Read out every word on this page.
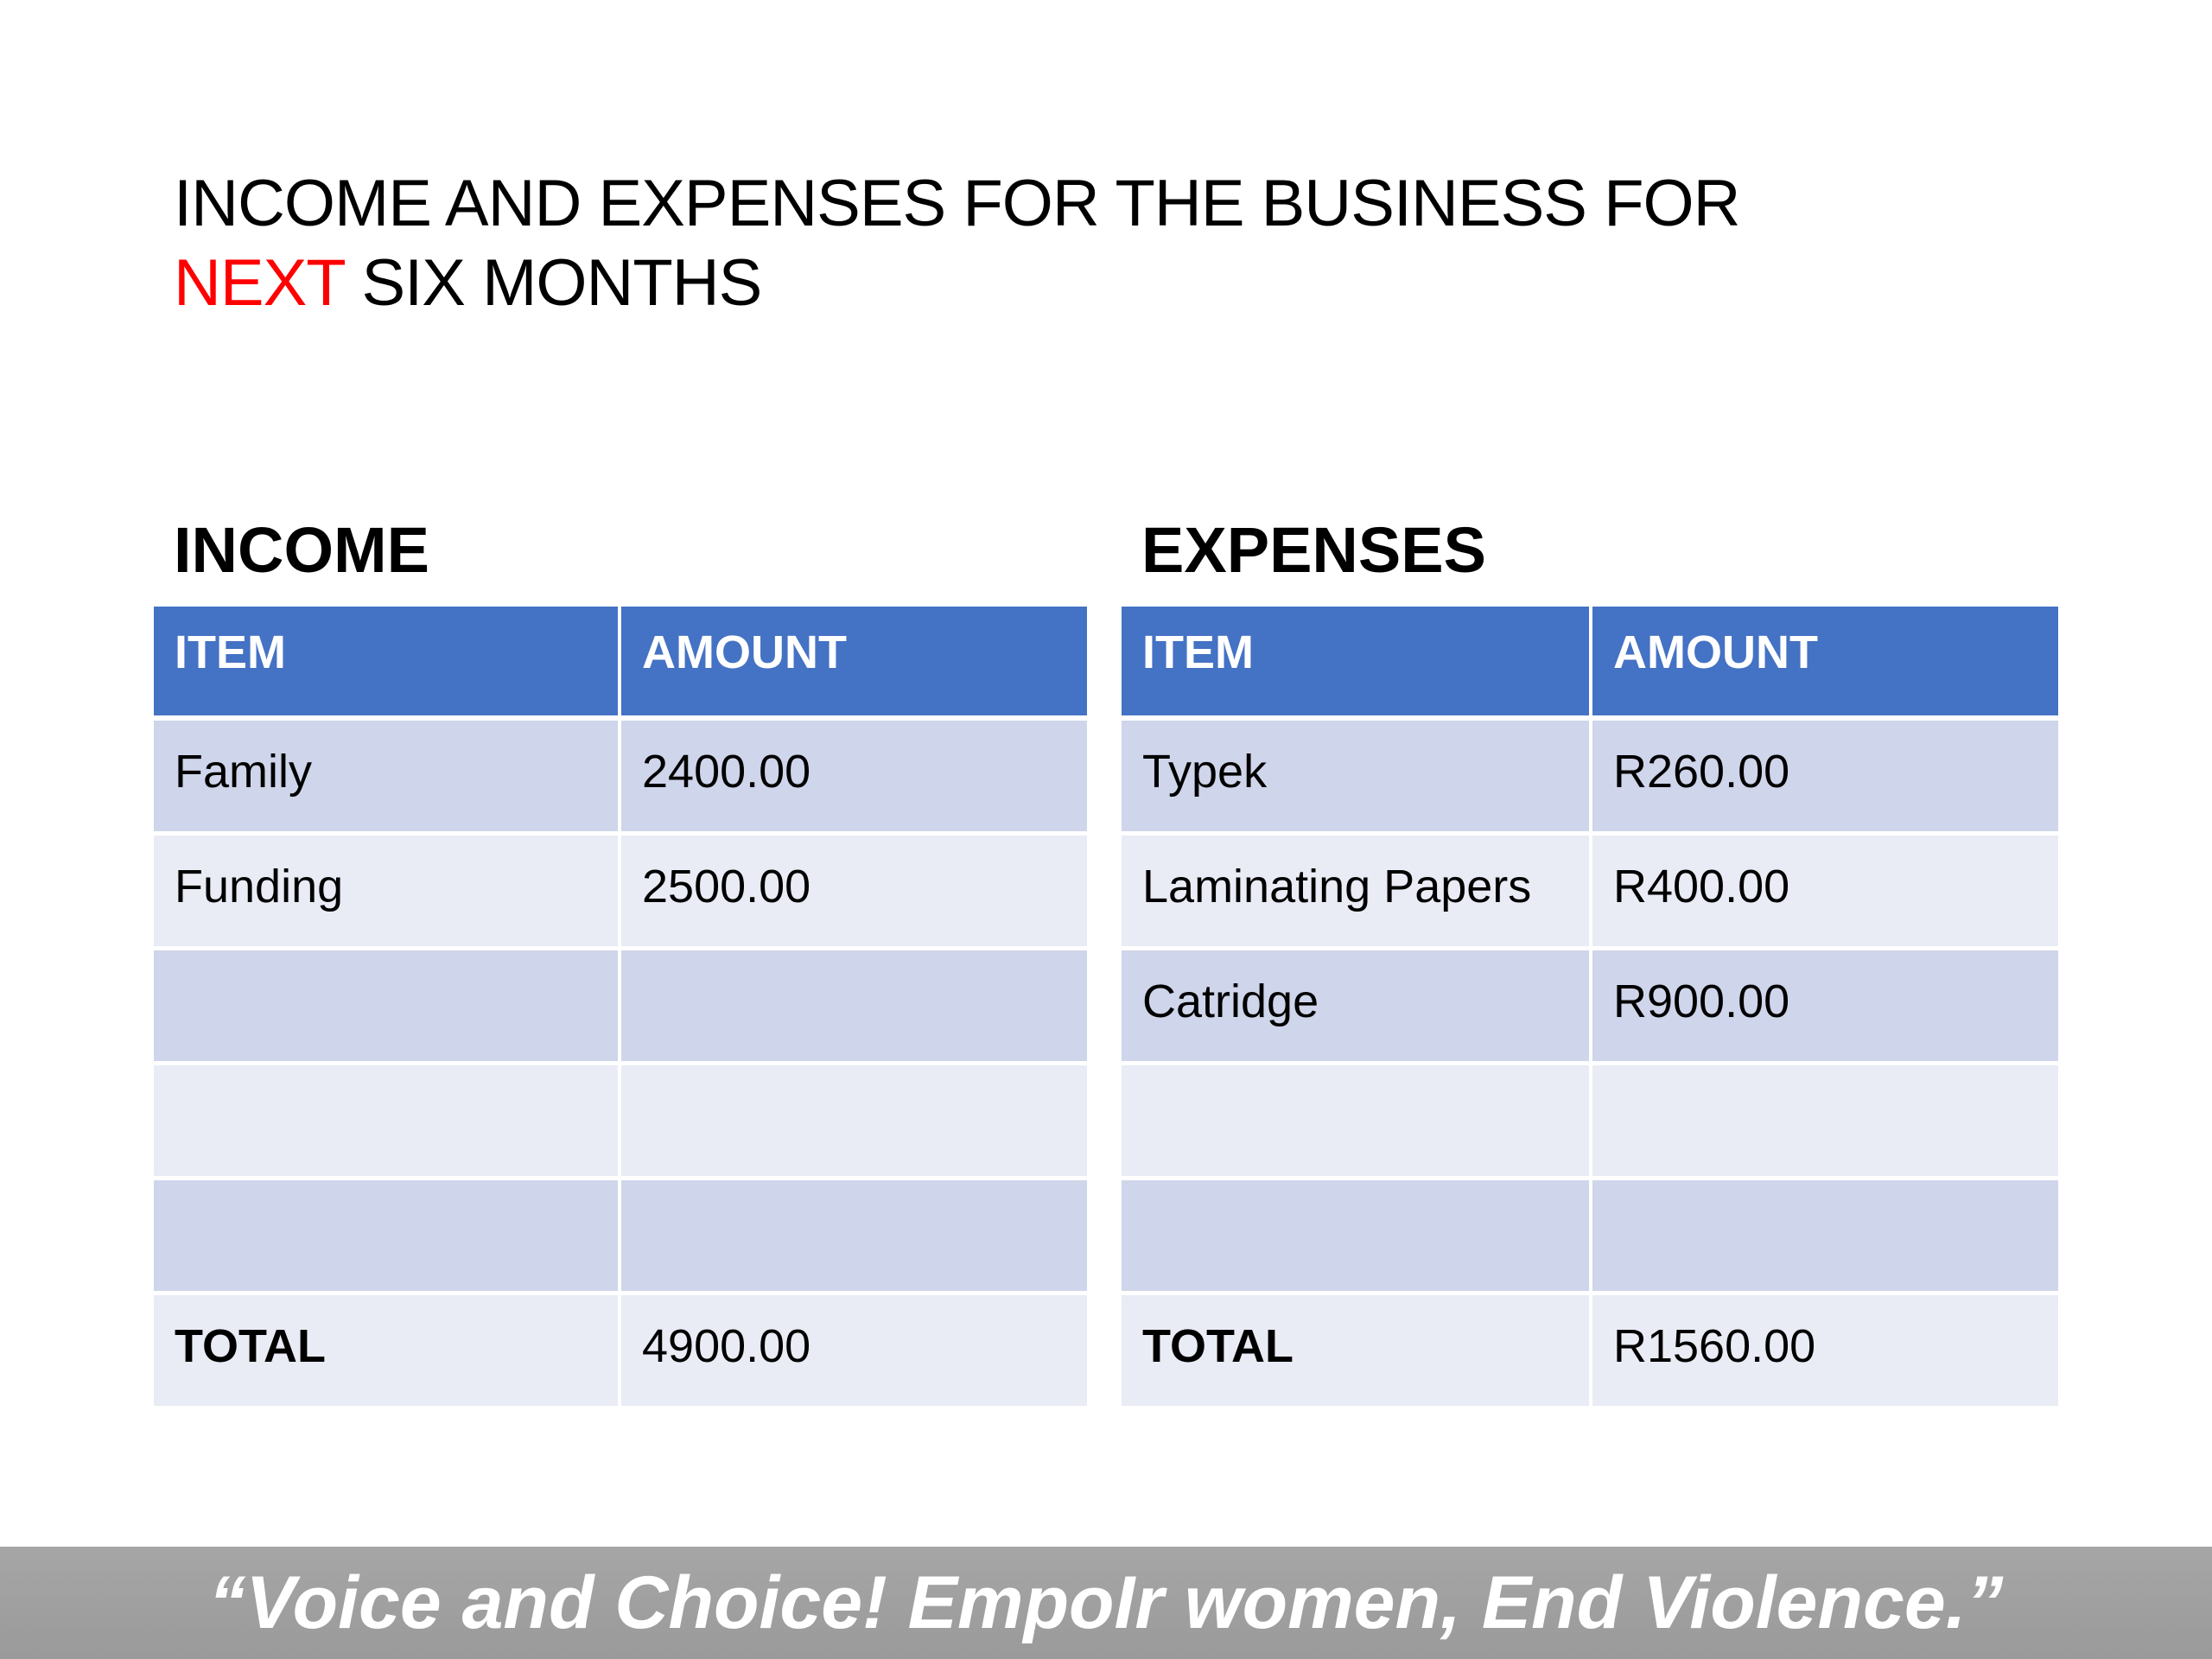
INCOME AND EXPENSES FOR THE BUSINESS FOR
NEXT SIX MONTHS
INCOME
ITEM	AMOUNT
Family	2400.00
Funding	2500.00

TOTAL	4900.00
EXPENSES
ITEM	AMOUNT
Typek	R260.00
Laminating Papers	R400.00
Catridge	R900.00

TOTAL	R1560.00
“Voice and Choice! EmpoIr women, End Violence.”
